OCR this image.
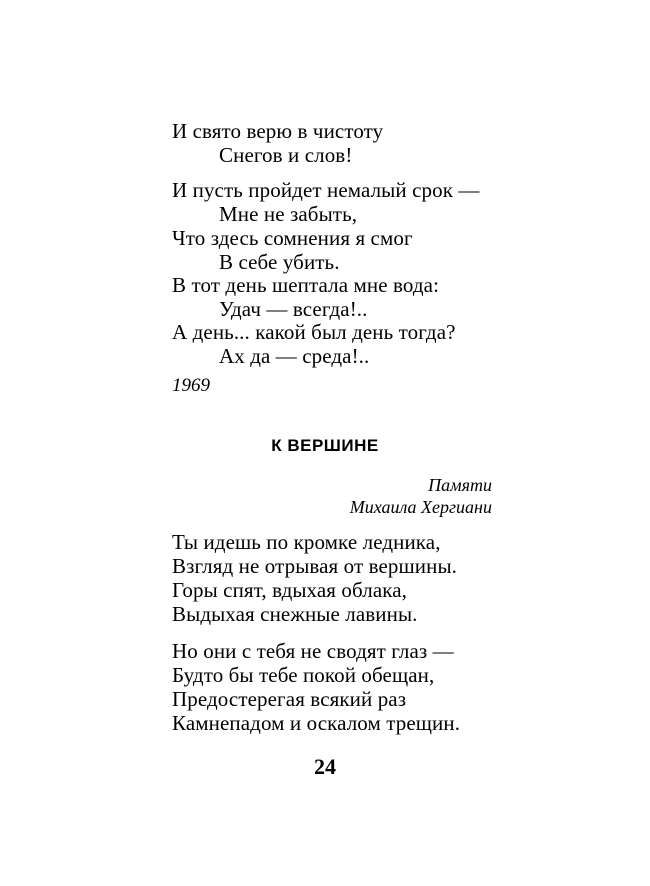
И свято верю в чистоту
Снегов и слов!
И пусть пройдет немалый срок —
Мне не забыть,
Что здесь сомнения я смог
В себе убить.
В тот день шептала мне вода:
Удач — всегда!..
А день... какой был день тогда?
Ах да — среда!..
1969
К ВЕРШИНЕ
Памяти
Михаила Хергиани
Ты идешь по кромке ледника,
Взгляд не отрывая от вершины.
Горы спят, вдыхая облака,
Выдыхая снежные лавины.
Но они с тебя не сводят глаз —
Будто бы тебе покой обещан,
Предостерегая всякий раз
Камнепадом и оскалом трещин.
24
